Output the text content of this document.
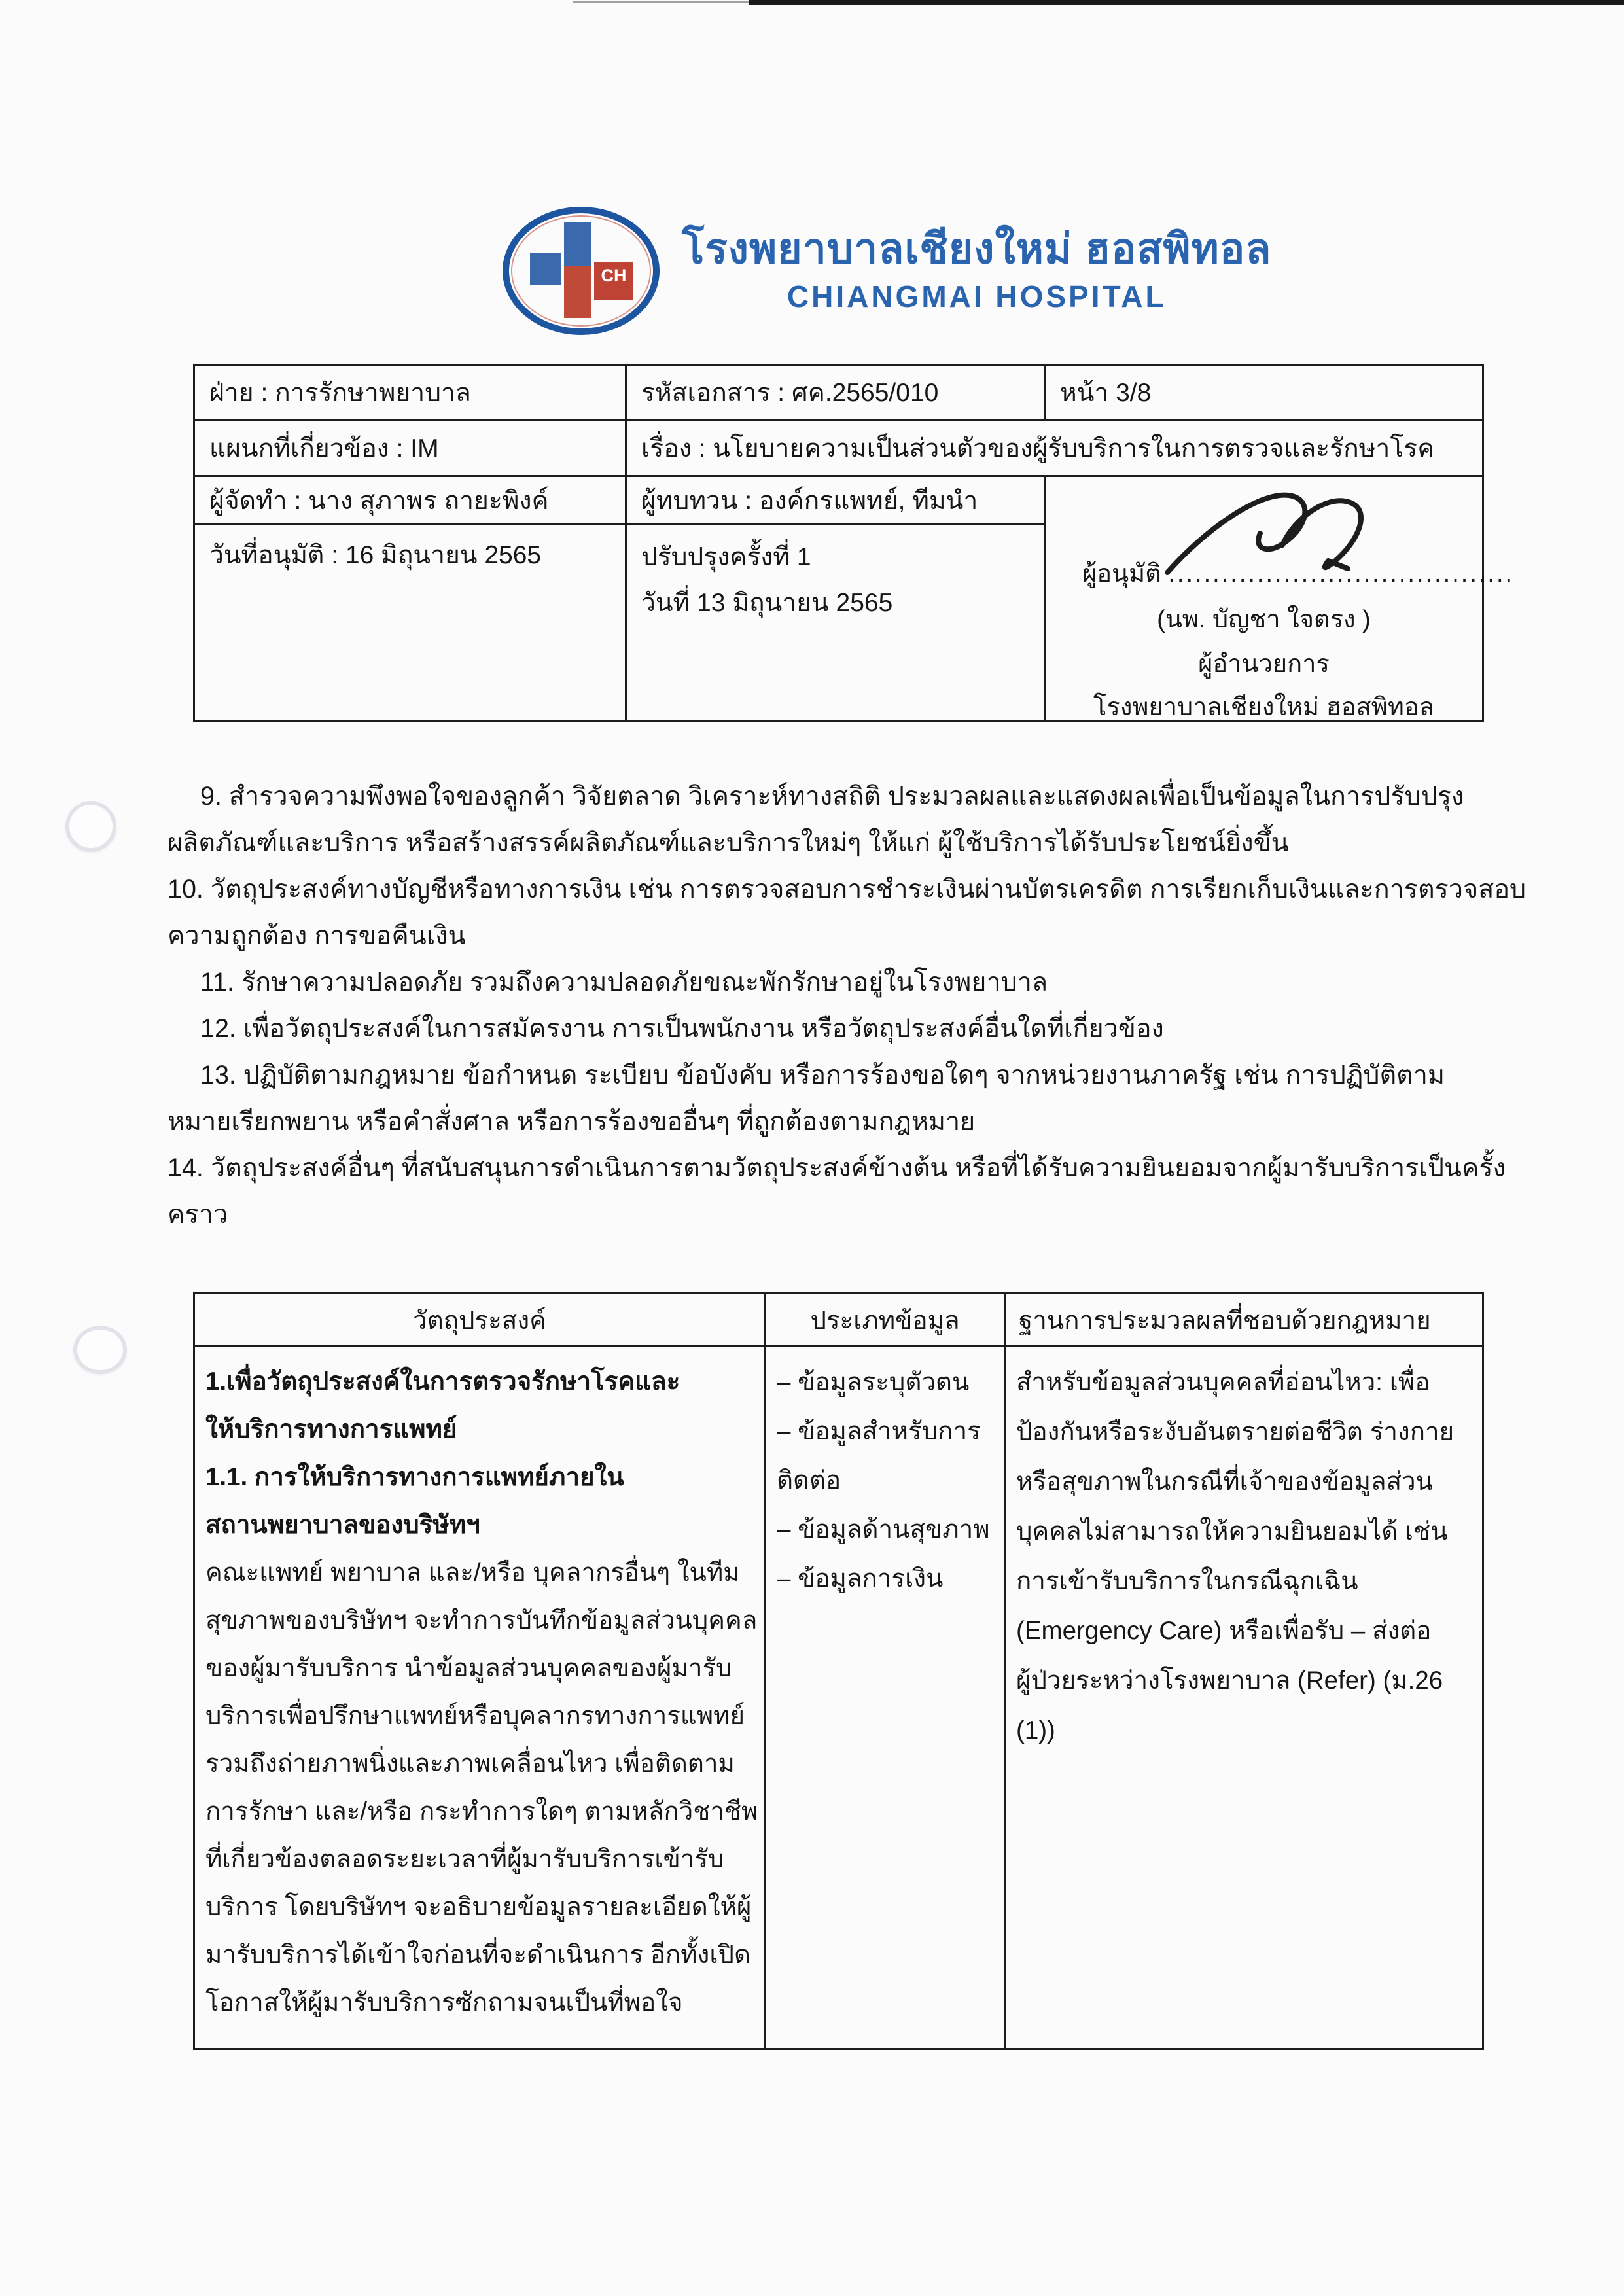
CH
โรงพยาบาลเชียงใหม่ ฮอสพิทอล
CHIANGMAI HOSPITAL
ฝ่าย : การรักษาพยาบาล	รหัสเอกสาร : ศค.2565/010	หน้า 3/8
แผนกที่เกี่ยวข้อง : IM	เรื่อง : นโยบายความเป็นส่วนตัวของผู้รับบริการในการตรวจและรักษาโรค	
ผู้จัดทำ : นาง สุภาพร ถายะพิงค์	ผู้ทบทวน : องค์กรแพทย์, ทีมนำ	ผู้อนุมัติ .......................................
(นพ. บัญชา ใจตรง )
ผู้อำนวยการ
โรงพยาบาลเชียงใหม่ ฮอสพิทอล

วันที่อนุมัติ : 16 มิถุนายน 2565	ปรับปรุงครั้งที่ 1
วันที่ 13 มิถุนายน 2565	
9. สำรวจความพึงพอใจของลูกค้า วิจัยตลาด วิเคราะห์ทางสถิติ ประมวลผลและแสดงผลเพื่อเป็นข้อมูลในการปรับปรุง
ผลิตภัณฑ์และบริการ หรือสร้างสรรค์ผลิตภัณฑ์และบริการใหม่ๆ ให้แก่ ผู้ใช้บริการได้รับประโยชน์ยิ่งขึ้น
10. วัตถุประสงค์ทางบัญชีหรือทางการเงิน เช่น การตรวจสอบการชำระเงินผ่านบัตรเครดิต การเรียกเก็บเงินและการตรวจสอบ
ความถูกต้อง การขอคืนเงิน
11. รักษาความปลอดภัย รวมถึงความปลอดภัยขณะพักรักษาอยู่ในโรงพยาบาล
12. เพื่อวัตถุประสงค์ในการสมัครงาน การเป็นพนักงาน หรือวัตถุประสงค์อื่นใดที่เกี่ยวข้อง
13. ปฏิบัติตามกฎหมาย ข้อกำหนด ระเบียบ ข้อบังคับ หรือการร้องขอใดๆ จากหน่วยงานภาครัฐ เช่น การปฏิบัติตาม
หมายเรียกพยาน หรือคำสั่งศาล หรือการร้องขออื่นๆ ที่ถูกต้องตามกฎหมาย
14. วัตถุประสงค์อื่นๆ ที่สนับสนุนการดำเนินการตามวัตถุประสงค์ข้างต้น หรือที่ได้รับความยินยอมจากผู้มารับบริการเป็นครั้ง
คราว
วัตถุประสงค์	ประเภทข้อมูล	ฐานการประมวลผลที่ชอบด้วยกฎหมาย

1.เพื่อวัตถุประสงค์ในการตรวจรักษาโรคและ
ให้บริการทางการแพทย์
1.1. การให้บริการทางการแพทย์ภายใน
สถานพยาบาลของบริษัทฯ
คณะแพทย์ พยาบาล และ/หรือ บุคลากรอื่นๆ ในทีม
สุขภาพของบริษัทฯ จะทำการบันทึกข้อมูลส่วนบุคคล
ของผู้มารับบริการ นำข้อมูลส่วนบุคคลของผู้มารับ
บริการเพื่อปรึกษาแพทย์หรือบุคลากรทางการแพทย์
รวมถึงถ่ายภาพนิ่งและภาพเคลื่อนไหว เพื่อติดตาม
การรักษา และ/หรือ กระทำการใดๆ ตามหลักวิชาชีพ
ที่เกี่ยวข้องตลอดระยะเวลาที่ผู้มารับบริการเข้ารับ
บริการ โดยบริษัทฯ จะอธิบายข้อมูลรายละเอียดให้ผู้
มารับบริการได้เข้าใจก่อนที่จะดำเนินการ อีกทั้งเปิด
โอกาสให้ผู้มารับบริการซักถามจนเป็นที่พอใจ

– ข้อมูลระบุตัวตน
– ข้อมูลสำหรับการ
ติดต่อ
– ข้อมูลด้านสุขภาพ
– ข้อมูลการเงิน

สำหรับข้อมูลส่วนบุคคลที่อ่อนไหว: เพื่อ
ป้องกันหรือระงับอันตรายต่อชีวิต ร่างกาย
หรือสุขภาพในกรณีที่เจ้าของข้อมูลส่วน
บุคคลไม่สามารถให้ความยินยอมได้ เช่น
การเข้ารับบริการในกรณีฉุกเฉิน
(Emergency Care) หรือเพื่อรับ – ส่งต่อ
ผู้ป่วยระหว่างโรงพยาบาล (Refer) (ม.26
(1))
